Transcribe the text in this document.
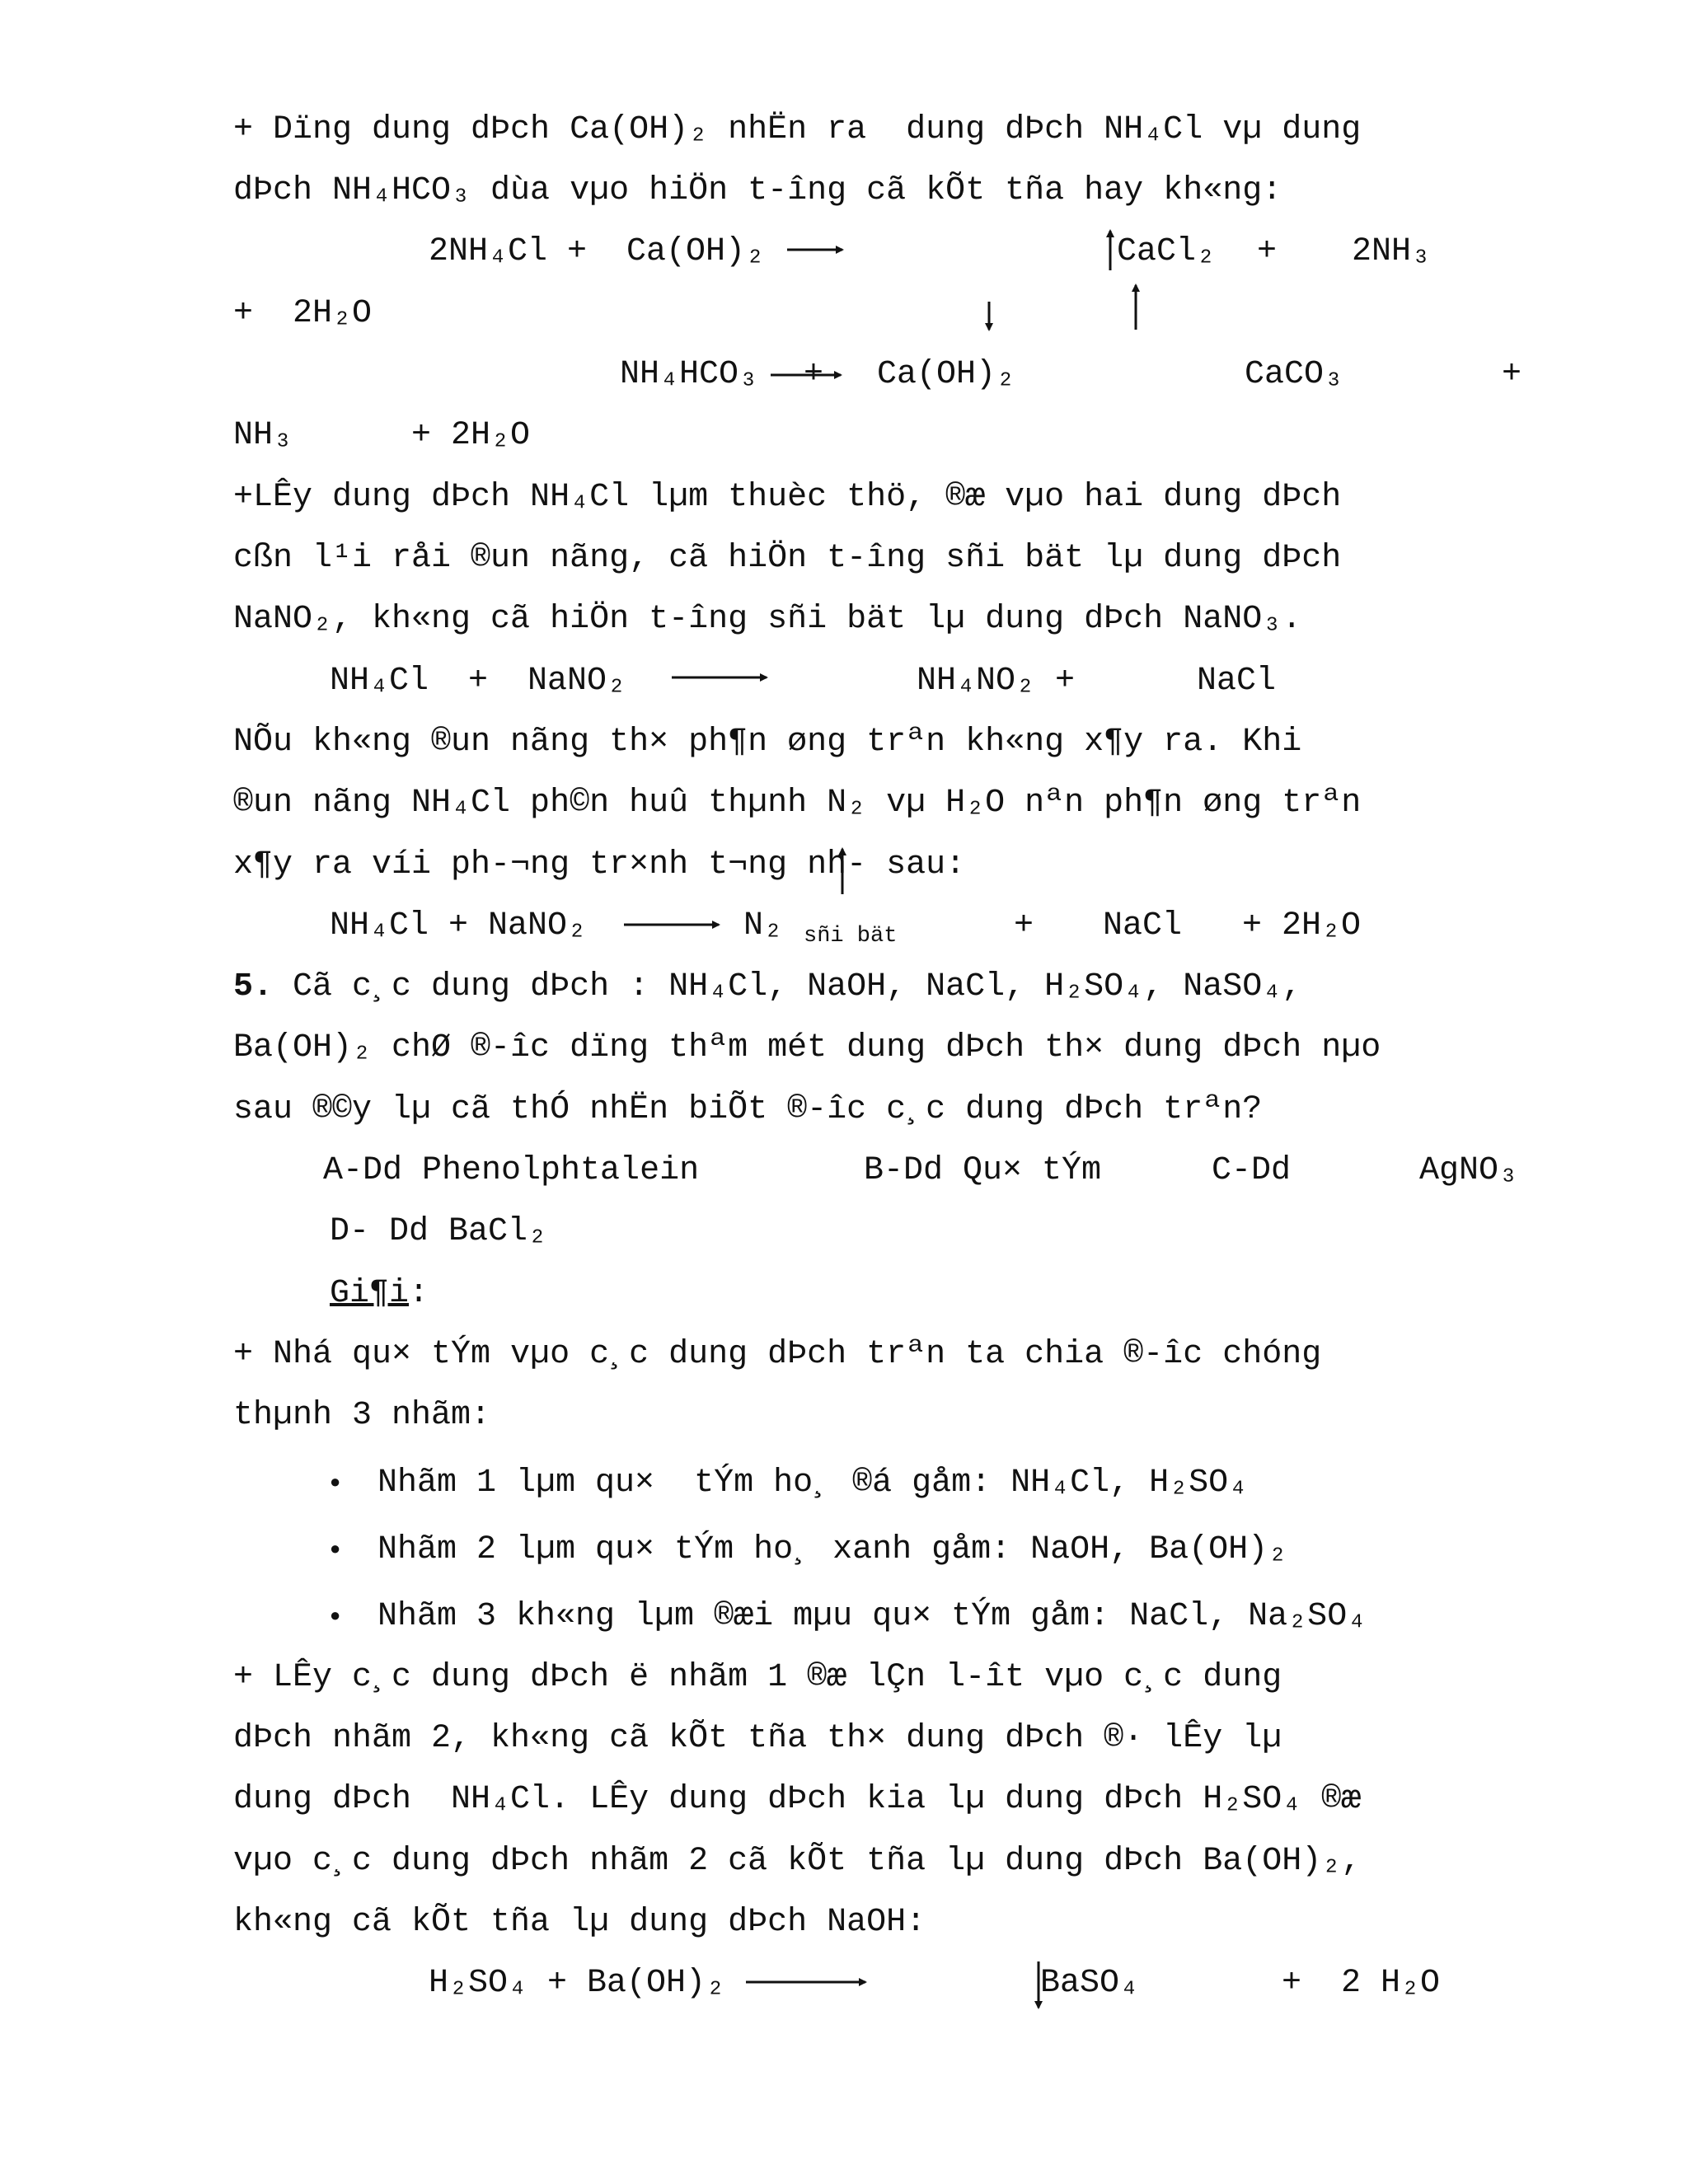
+ Dïng dung dÞch Ca(OH)₂ nhËn ra  dung dÞch NH₄Cl vµ dung
dÞch NH₄HCO₃ dùa vµo hiÖn t-îng cã kÕt tña hay kh«ng:
2NH₄Cl +  Ca(OH)₂	CaCl₂ + 2NH₃
+  2H₂O
NH₄HCO₃ + Ca(OH)₂	CaCO₃	+
NH₃      + 2H₂O
+LÊy dung dÞch NH₄Cl lµm thuèc thö, ®æ vµo hai dung dÞch
cßn l¹i råi ®un nãng, cã hiÖn t-îng sñi bät lµ dung dÞch
NaNO₂, kh«ng cã hiÖn t-îng sñi bät lµ dung dÞch NaNO₃.
NH₄Cl  +  NaNO₂	NH₄NO₂ +	NaCl
NÕu kh«ng ®un nãng th× ph¶n øng trªn kh«ng x¶y ra. Khi
®un nãng NH₄Cl ph©n huû thµnh N₂ vµ H₂O nªn ph¶n øng trªn
x¶y ra víi ph-¬ng tr×nh t¬ng nh- sau:
NH₄Cl + NaNO₂	N₂ sñi bät	+ NaCl + 2H₂O
5. Cã c¸c dung dÞch : NH₄Cl, NaOH, NaCl, H₂SO₄, NaSO₄,
Ba(OH)₂ chØ ®-îc dïng thªm mét dung dÞch th× dung dÞch nµo
sau ®©y lµ cã thÓ nhËn biÕt ®-îc c¸c dung dÞch trªn?
A-Dd Phenolphtalein	B-Dd Qu× tÝm	C-Dd	AgNO₃
D- Dd BaCl₂
Gi¶i:
+ Nhá qu× tÝm vµo c¸c dung dÞch trªn ta chia ®-îc chóng
thµnh 3 nhãm:
● Nhãm 1 lµm qu×  tÝm ho¸ ®á gåm: NH₄Cl, H₂SO₄
● Nhãm 2 lµm qu× tÝm ho¸ xanh gåm: NaOH, Ba(OH)₂
● Nhãm 3 kh«ng lµm ®æi mµu qu× tÝm gåm: NaCl, Na₂SO₄
+ LÊy c¸c dung dÞch ë nhãm 1 ®æ lÇn l-ît vµo c¸c dung
dÞch nhãm 2, kh«ng cã kÕt tña th× dung dÞch ®· lÊy lµ
dung dÞch  NH₄Cl. LÊy dung dÞch kia lµ dung dÞch H₂SO₄ ®æ
vµo c¸c dung dÞch nhãm 2 cã kÕt tña lµ dung dÞch Ba(OH)₂,
kh«ng cã kÕt tña lµ dung dÞch NaOH:
H₂SO₄ + Ba(OH)₂	BaSO₄	+  2 H₂O
